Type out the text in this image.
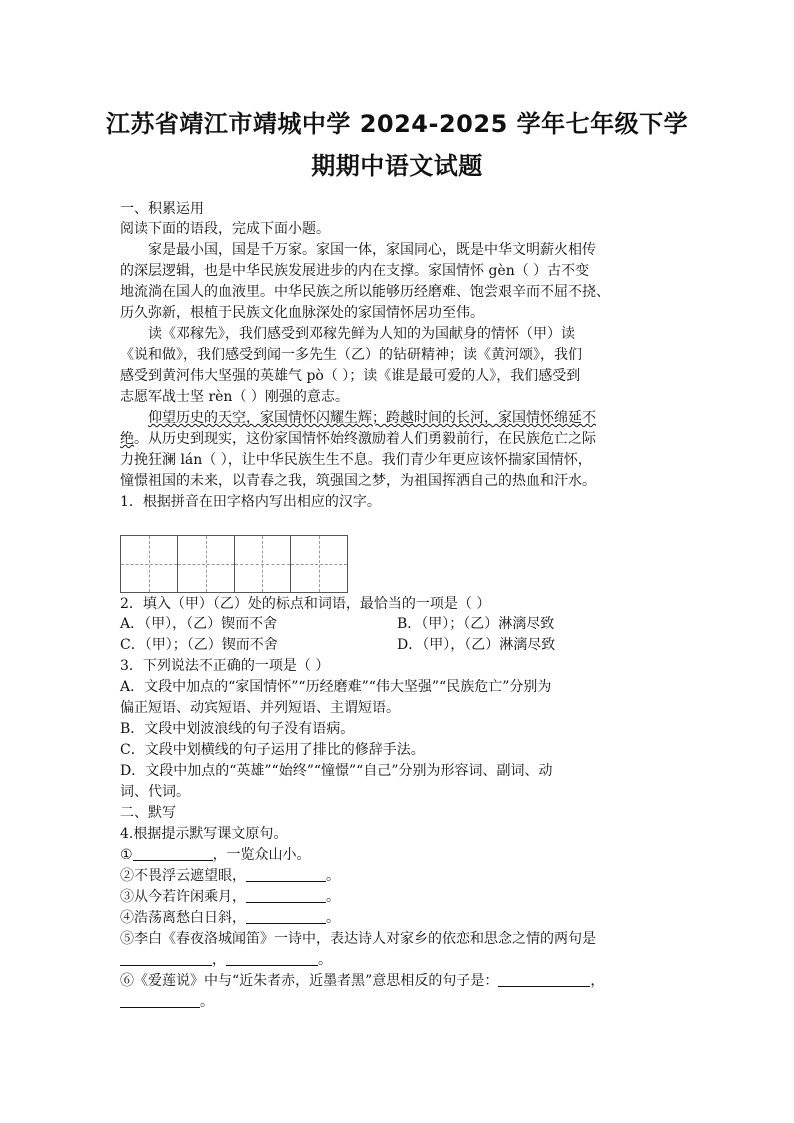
江苏省靖江市靖城中学 2024-2025 学年七年级下学
期期中语文试题
一、积累运用
阅读下面的语段，完成下面小题。
家是最小国，国是千万家。家国一体，家国同心，既是中华文明薪火相传
的深层逻辑，也是中华民族发展进步的内在支撑。家国情怀 gèn（ ）古不变
地流淌在国人的血液里。中华民族之所以能够历经磨难、饱尝艰辛而不屈不挠、
历久弥新，根植于民族文化血脉深处的家国情怀居功至伟。
读《邓稼先》，我们感受到邓稼先鲜为人知的为国献身的情怀（甲）读
《说和做》，我们感受到闻一多先生（乙）的钻研精神；读《黄河颂》，我们
感受到黄河伟大坚强的英雄气 pò（ ）；读《谁是最可爱的人》，我们感受到
志愿军战士坚 rèn（ ）刚强的意志。
仰望历史的天空，家国情怀闪耀生辉；跨越时间的长河，家国情怀绵延不
绝。从历史到现实，这份家国情怀始终激励着人们勇毅前行，在民族危亡之际
力挽狂澜 lán（ ），让中华民族生生不息。我们青少年更应该怀揣家国情怀，
憧憬祖国的未来，以青春之我，筑强国之梦，为祖国挥洒自己的热血和汗水。
1．根据拼音在田字格内写出相应的汉字。
2．填入（甲）（乙）处的标点和词语，最恰当的一项是（ ）
A．（甲），（乙）锲而不舍	B．（甲）；（乙）淋漓尽致
C．（甲）；（乙）锲而不舍	D．（甲），（乙）淋漓尽致
3．下列说法不正确的一项是（ ）
A．文段中加点的“家国情怀”“历经磨难”“伟大坚强”“民族危亡”分别为
偏正短语、动宾短语、并列短语、主谓短语。
B．文段中划波浪线的句子没有语病。
C．文段中划横线的句子运用了排比的修辞手法。
D．文段中加点的“英雄”“始终”“憧憬”“自己”分别为形容词、副词、动
词、代词。
二、默写
4.根据提示默写课文原句。
①	，一览众山小。
②不畏浮云遮望眼，	。
③从今若许闲乘月，	。
④浩荡离愁白日斜，	。
⑤李白《春夜洛城闻笛》一诗中，表达诗人对家乡的依恋和思念之情的两句是
，	。
⑥《爱莲说》中与“近朱者赤，近墨者黑”意思相反的句子是：	，
。
